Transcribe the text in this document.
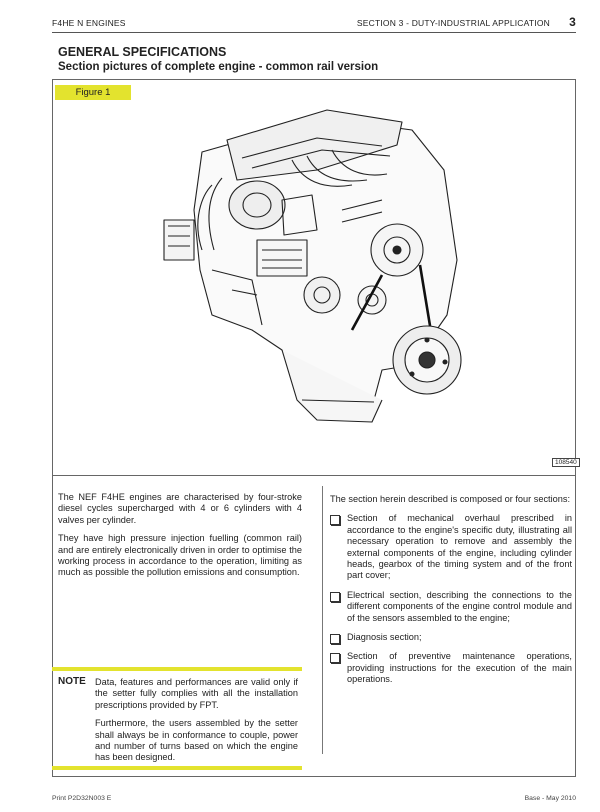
F4HE N ENGINES	SECTION 3 - DUTY-INDUSTRIAL APPLICATION 3
GENERAL SPECIFICATIONS
Section pictures of complete engine - common rail version
Figure 1
108540

The NEF F4HE engines are characterised by four-stroke diesel cycles supercharged with 4 or 6 cylinders with 4 valves per cylinder.

They have high pressure injection fuelling (common rail) and are entirely electronically driven in order to optimise the working process in accordance to the operation, limiting as much as possible the pollution emissions and consumption.

The section herein described is composed or four sections:

Section of mechanical overhaul prescribed in accordance to the engine's specific duty, illustrating all necessary operation to remove and assembly the external components of the engine, including cylinder heads, gearbox of the timing system and of the front part cover;
Electrical section, describing the connections to the different components of the engine control module and of the sensors assembled to the engine;
Diagnosis section;
Section of preventive maintenance operations, providing instructions for the execution of the main operations.
NOTE Data, features and performances are valid only if the setter fully complies with all the installation prescriptions provided by FPT.

Furthermore, the users assembled by the setter shall always be in conformance to couple, power and number of turns based on which the engine has been designed.

Print P2D32N003 E	Base - May 2010
